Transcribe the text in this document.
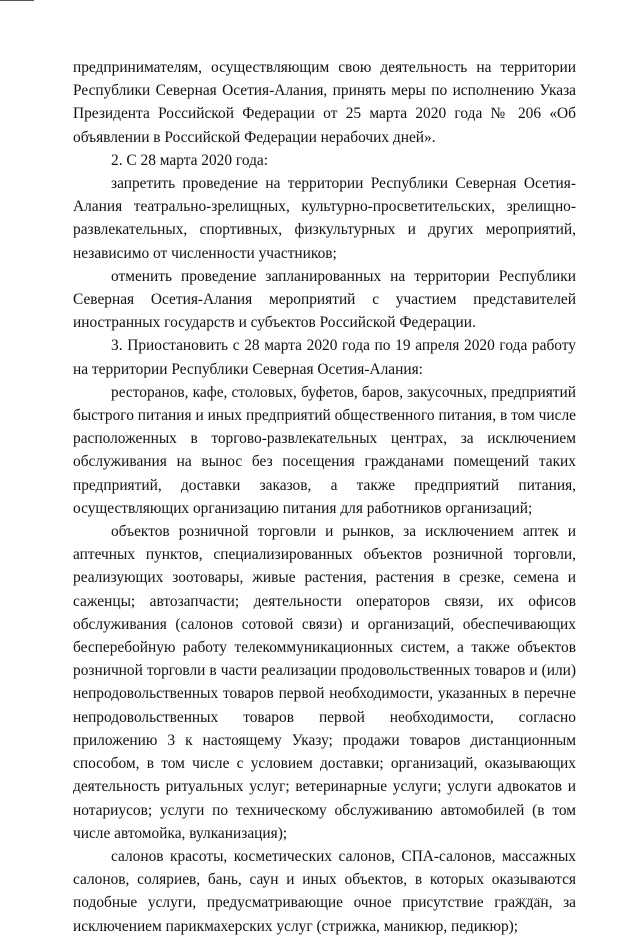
предпринимателям, осуществляющим свою деятельность на территории Республики Северная Осетия-Алания, принять меры по исполнению Указа Президента Российской Федерации от 25 марта 2020 года № 206 «Об объявлении в Российской Федерации нерабочих дней».

2. С 28 марта 2020 года:

запретить проведение на территории Республики Северная Осетия-Алания театрально-зрелищных, культурно-просветительских, зрелищно-развлекательных, спортивных, физкультурных и других мероприятий, независимо от численности участников;

отменить проведение запланированных на территории Республики Северная Осетия-Алания мероприятий с участием представителей иностранных государств и субъектов Российской Федерации.

3. Приостановить с 28 марта 2020 года по 19 апреля 2020 года работу на территории Республики Северная Осетия-Алания:

ресторанов, кафе, столовых, буфетов, баров, закусочных, предприятий быстрого питания и иных предприятий общественного питания, в том числе расположенных в торгово-развлекательных центрах, за исключением обслуживания на вынос без посещения гражданами помещений таких предприятий, доставки заказов, а также предприятий питания, осуществляющих организацию питания для работников организаций;

объектов розничной торговли и рынков, за исключением аптек и аптечных пунктов, специализированных объектов розничной торговли, реализующих зоотовары, живые растения, растения в срезке, семена и саженцы; автозапчасти; деятельности операторов связи, их офисов обслуживания (салонов сотовой связи) и организаций, обеспечивающих бесперебойную работу телекоммуникационных систем, а также объектов розничной торговли в части реализации продовольственных товаров и (или) непродовольственных товаров первой необходимости, указанных в перечне непродовольственных товаров первой необходимости, согласно приложению 3 к настоящему Указу; продажи товаров дистанционным способом, в том числе с условием доставки; организаций, оказывающих деятельность ритуальных услуг; ветеринарные услуги; услуги адвокатов и нотариусов; услуги по техническому обслуживанию автомобилей (в том числе автомойка, вулканизация);

салонов красоты, косметических салонов, СПА-салонов, массажных салонов, соляриев, бань, саун и иных объектов, в которых оказываются подобные услуги, предусматривающие очное присутствие граждан, за исключением парикмахерских услуг (стрижка, маникюр, педикюр);
